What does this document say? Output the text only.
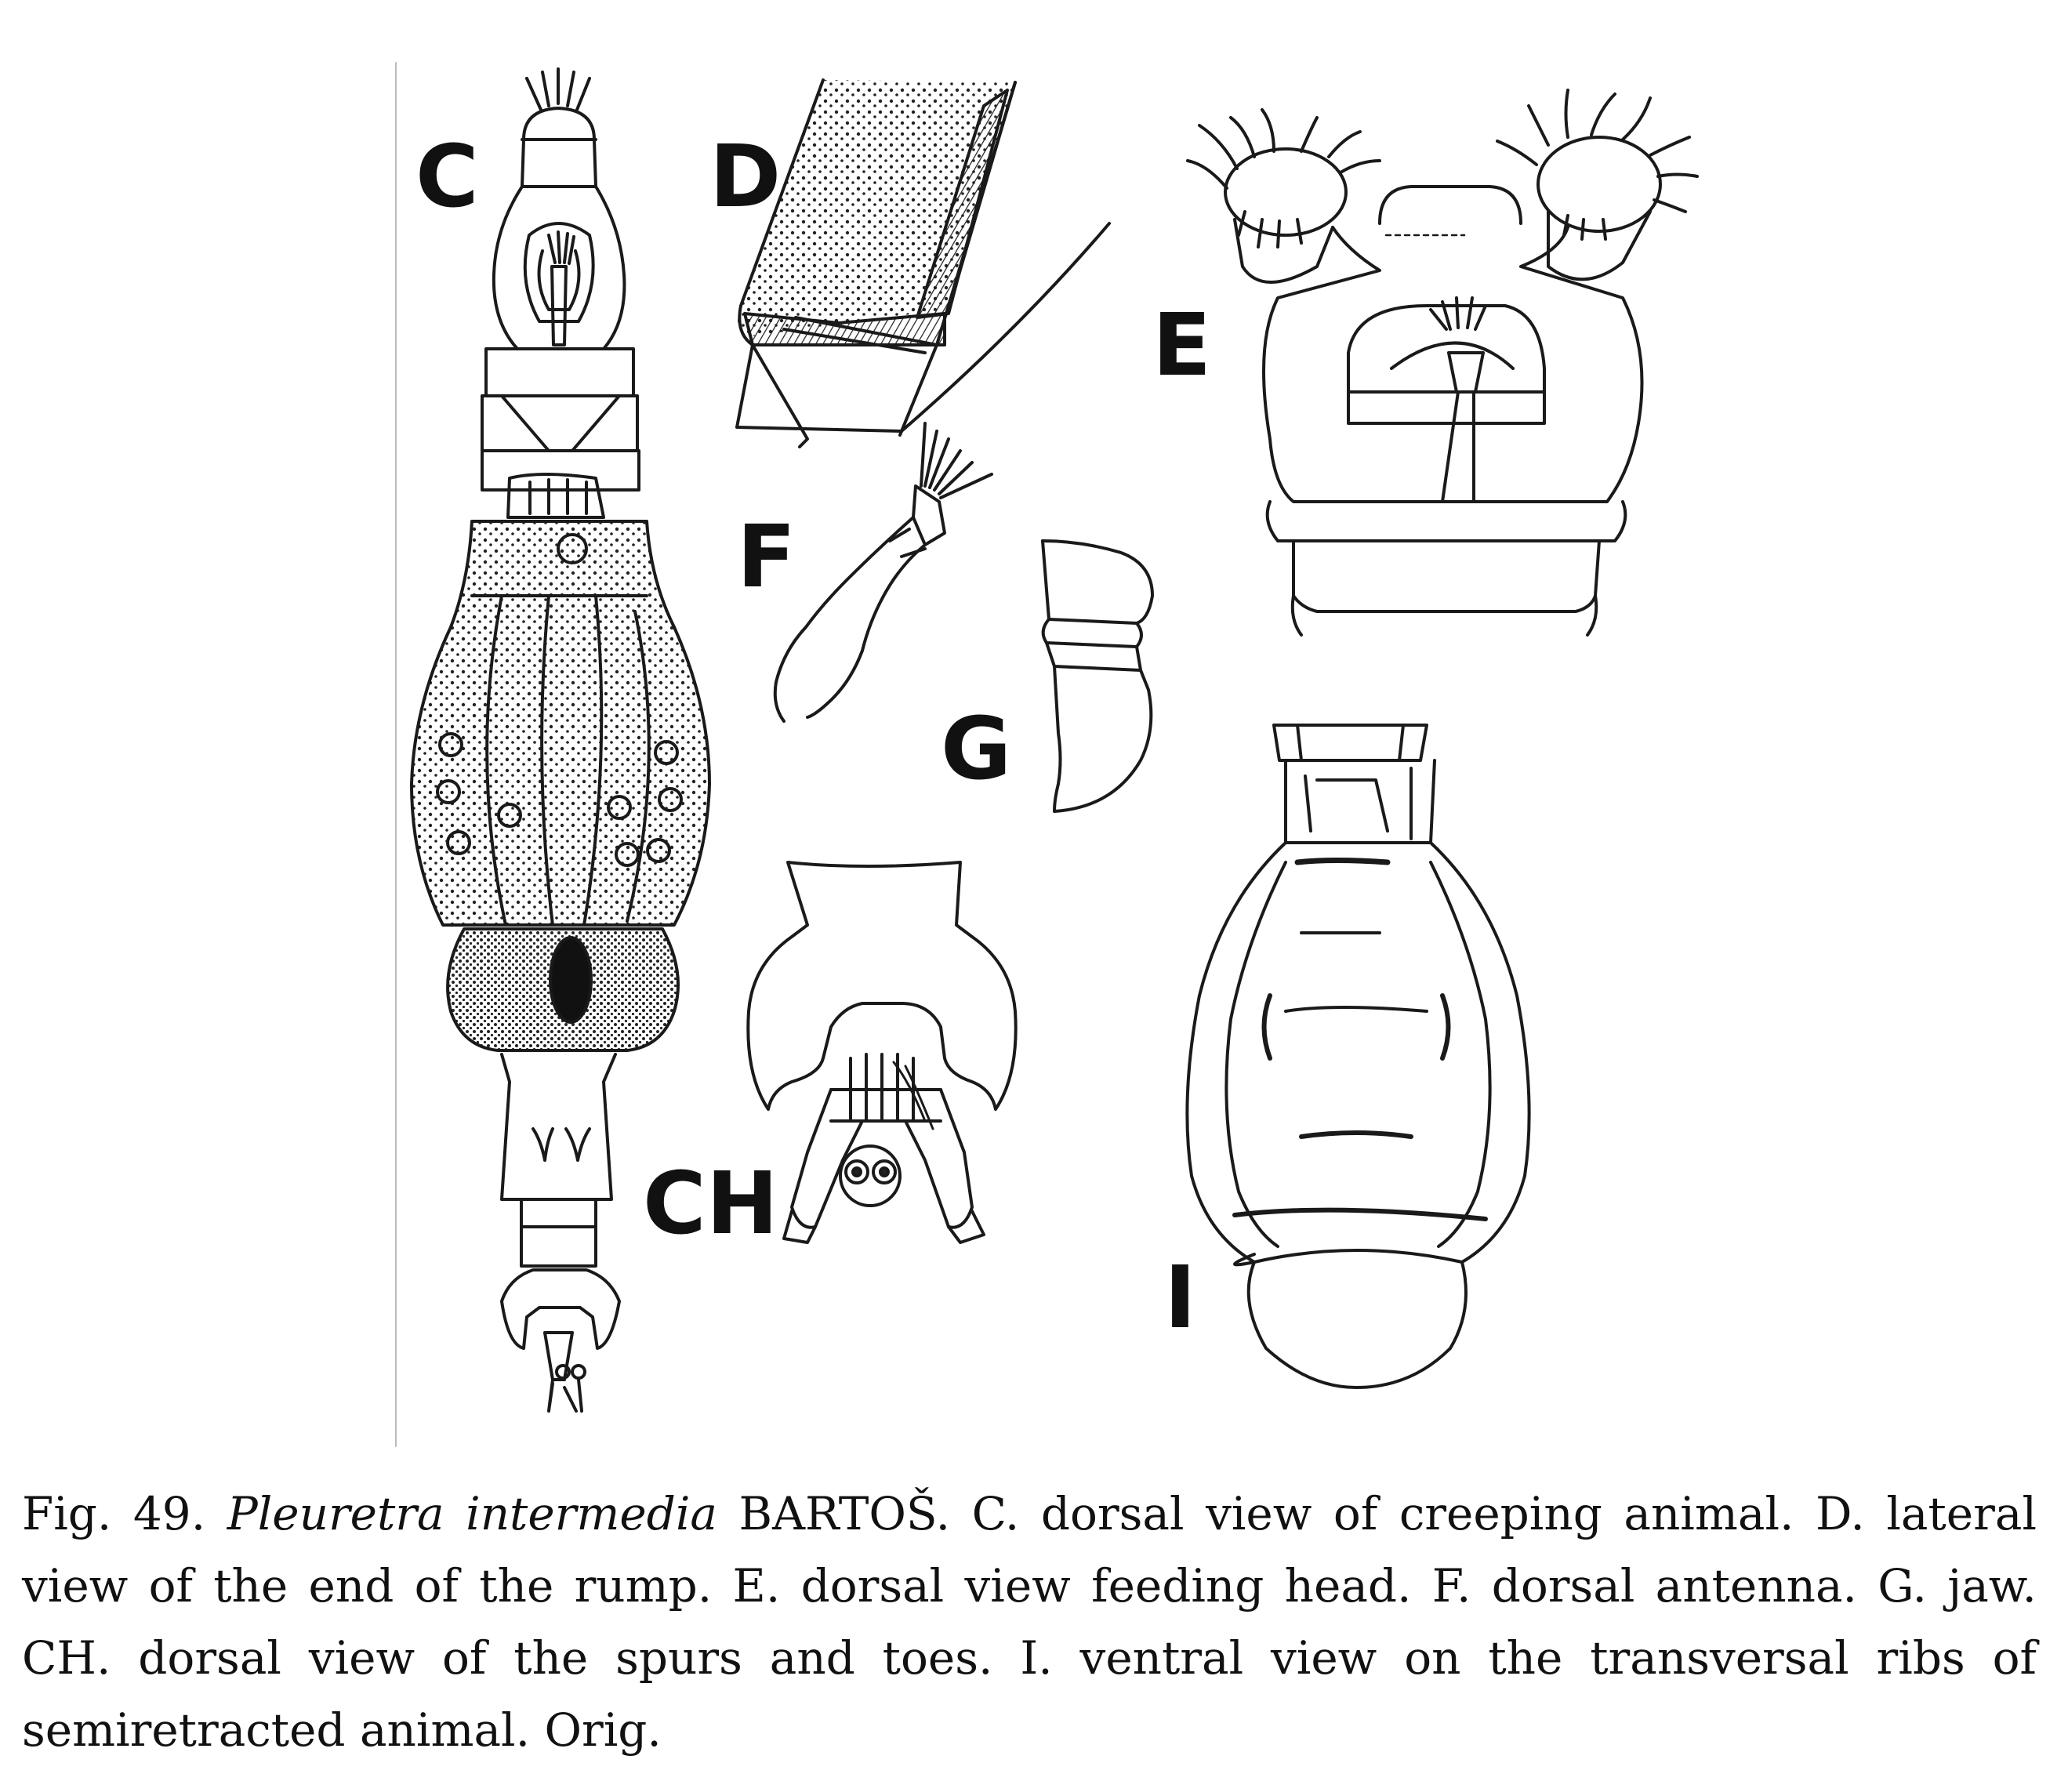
C	D
E
F
G
CH
I
Fig. 49. Pleuretra intermedia BARTOŠ. C. dorsal view of creeping animal. D. lateral view of the end of the rump. E. dorsal view feeding head. F. dorsal antenna. G. jaw. CH. dorsal view of the spurs and toes. I. ventral view on the transversal ribs of semiretracted animal. Orig.
